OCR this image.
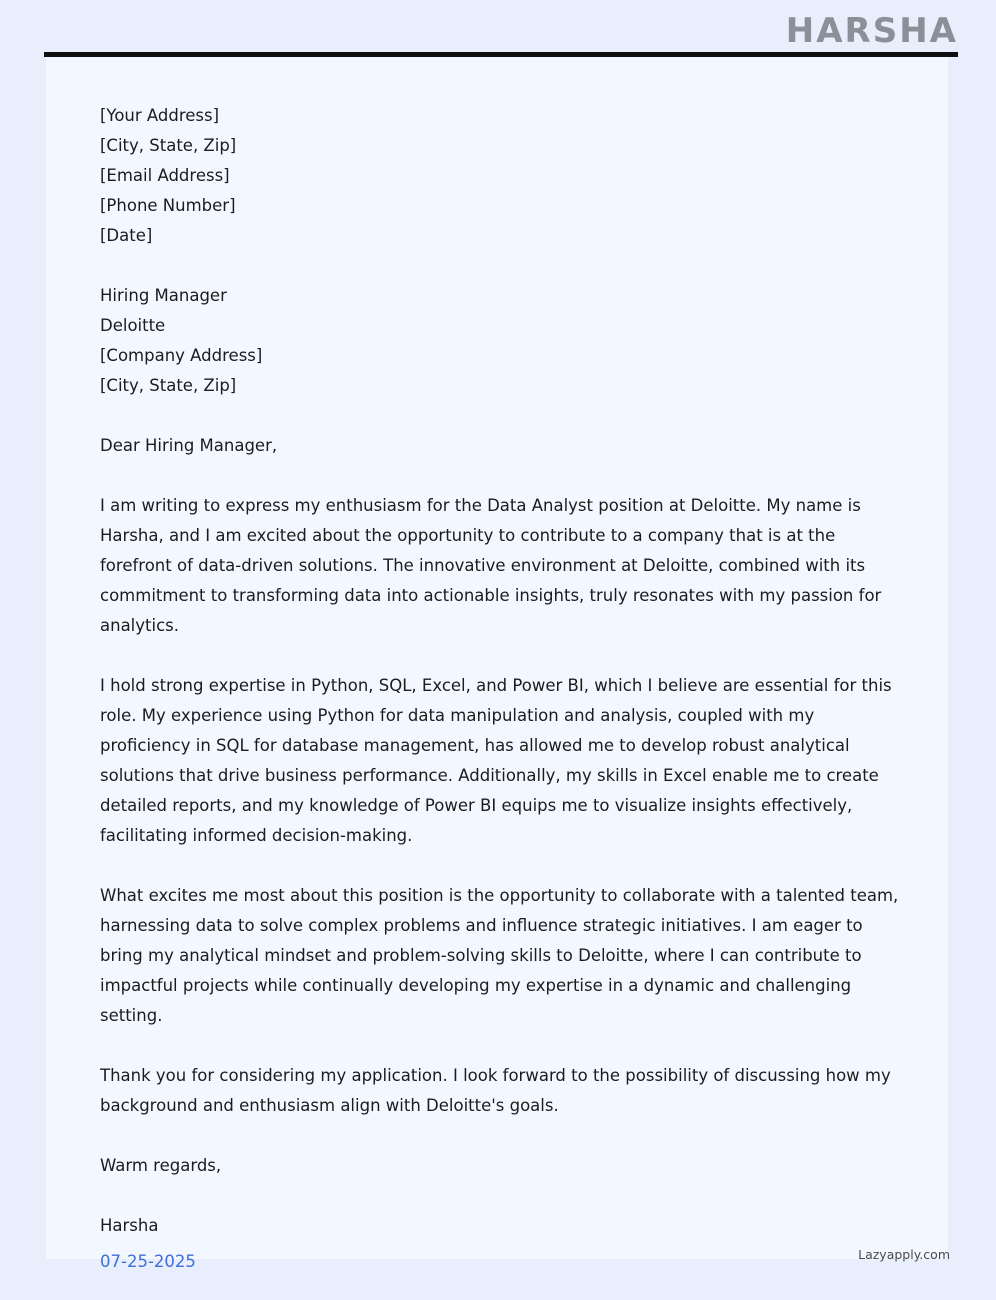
HARSHA
[Your Address]
[City, State, Zip]
[Email Address]
[Phone Number]
[Date]
Hiring Manager
Deloitte
[Company Address]
[City, State, Zip]

Dear Hiring Manager,

I am writing to express my enthusiasm for the Data Analyst position at Deloitte. My name is Harsha, and I am excited about the opportunity to contribute to a company that is at the forefront of data-driven solutions. The innovative environment at Deloitte, combined with its commitment to transforming data into actionable insights, truly resonates with my passion for analytics.

I hold strong expertise in Python, SQL, Excel, and Power BI, which I believe are essential for this role. My experience using Python for data manipulation and analysis, coupled with my proficiency in SQL for database management, has allowed me to develop robust analytical solutions that drive business performance. Additionally, my skills in Excel enable me to create detailed reports, and my knowledge of Power BI equips me to visualize insights effectively, facilitating informed decision-making.

What excites me most about this position is the opportunity to collaborate with a talented team, harnessing data to solve complex problems and influence strategic initiatives. I am eager to bring my analytical mindset and problem-solving skills to Deloitte, where I can contribute to impactful projects while continually developing my expertise in a dynamic and challenging setting.

Thank you for considering my application. I look forward to the possibility of discussing how my background and enthusiasm align with Deloitte's goals.

Warm regards,
Harsha
07-25-2025	Lazyapply.com
